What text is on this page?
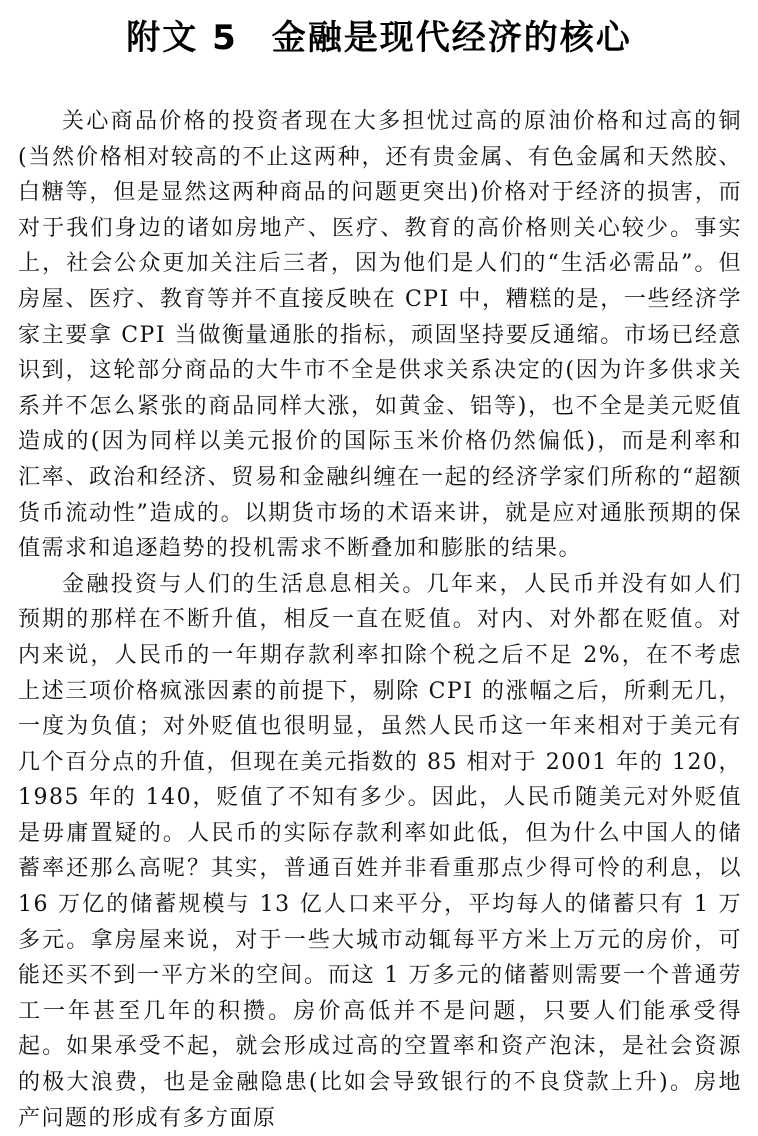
附文 5 金融是现代经济的核心

关心商品价格的投资者现在大多担忧过高的原油价格和过高的铜(当然价格相对较高的不止这两种，还有贵金属、有色金属和天然胶、白糖等，但是显然这两种商品的问题更突出)价格对于经济的损害，而对于我们身边的诸如房地产、医疗、教育的高价格则关心较少。事实上，社会公众更加关注后三者，因为他们是人们的“生活必需品”。但房屋、医疗、教育等并不直接反映在 CPI 中，糟糕的是，一些经济学家主要拿 CPI 当做衡量通胀的指标，顽固坚持要反通缩。市场已经意识到，这轮部分商品的大牛市不全是供求关系决定的(因为许多供求关系并不怎么紧张的商品同样大涨，如黄金、铝等)，也不全是美元贬值造成的(因为同样以美元报价的国际玉米价格仍然偏低)，而是利率和汇率、政治和经济、贸易和金融纠缠在一起的经济学家们所称的“超额货币流动性”造成的。以期货市场的术语来讲，就是应对通胀预期的保值需求和追逐趋势的投机需求不断叠加和膨胀的结果。

金融投资与人们的生活息息相关。几年来，人民币并没有如人们预期的那样在不断升值，相反一直在贬值。对内、对外都在贬值。对内来说，人民币的一年期存款利率扣除个税之后不足 2%，在不考虑上述三项价格疯涨因素的前提下，剔除 CPI 的涨幅之后，所剩无几，一度为负值；对外贬值也很明显，虽然人民币这一年来相对于美元有几个百分点的升值，但现在美元指数的 85 相对于 2001 年的 120，1985 年的 140，贬值了不知有多少。因此，人民币随美元对外贬值是毋庸置疑的。人民币的实际存款利率如此低，但为什么中国人的储蓄率还那么高呢？其实，普通百姓并非看重那点少得可怜的利息，以 16 万亿的储蓄规模与 13 亿人口来平分，平均每人的储蓄只有 1 万多元。拿房屋来说，对于一些大城市动辄每平方米上万元的房价，可能还买不到一平方米的空间。而这 1 万多元的储蓄则需要一个普通劳工一年甚至几年的积攒。房价高低并不是问题，只要人们能承受得起。如果承受不起，就会形成过高的空置率和资产泡沫，是社会资源的极大浪费，也是金融隐患(比如会导致银行的不良贷款上升)。房地产问题的形成有多方面原
